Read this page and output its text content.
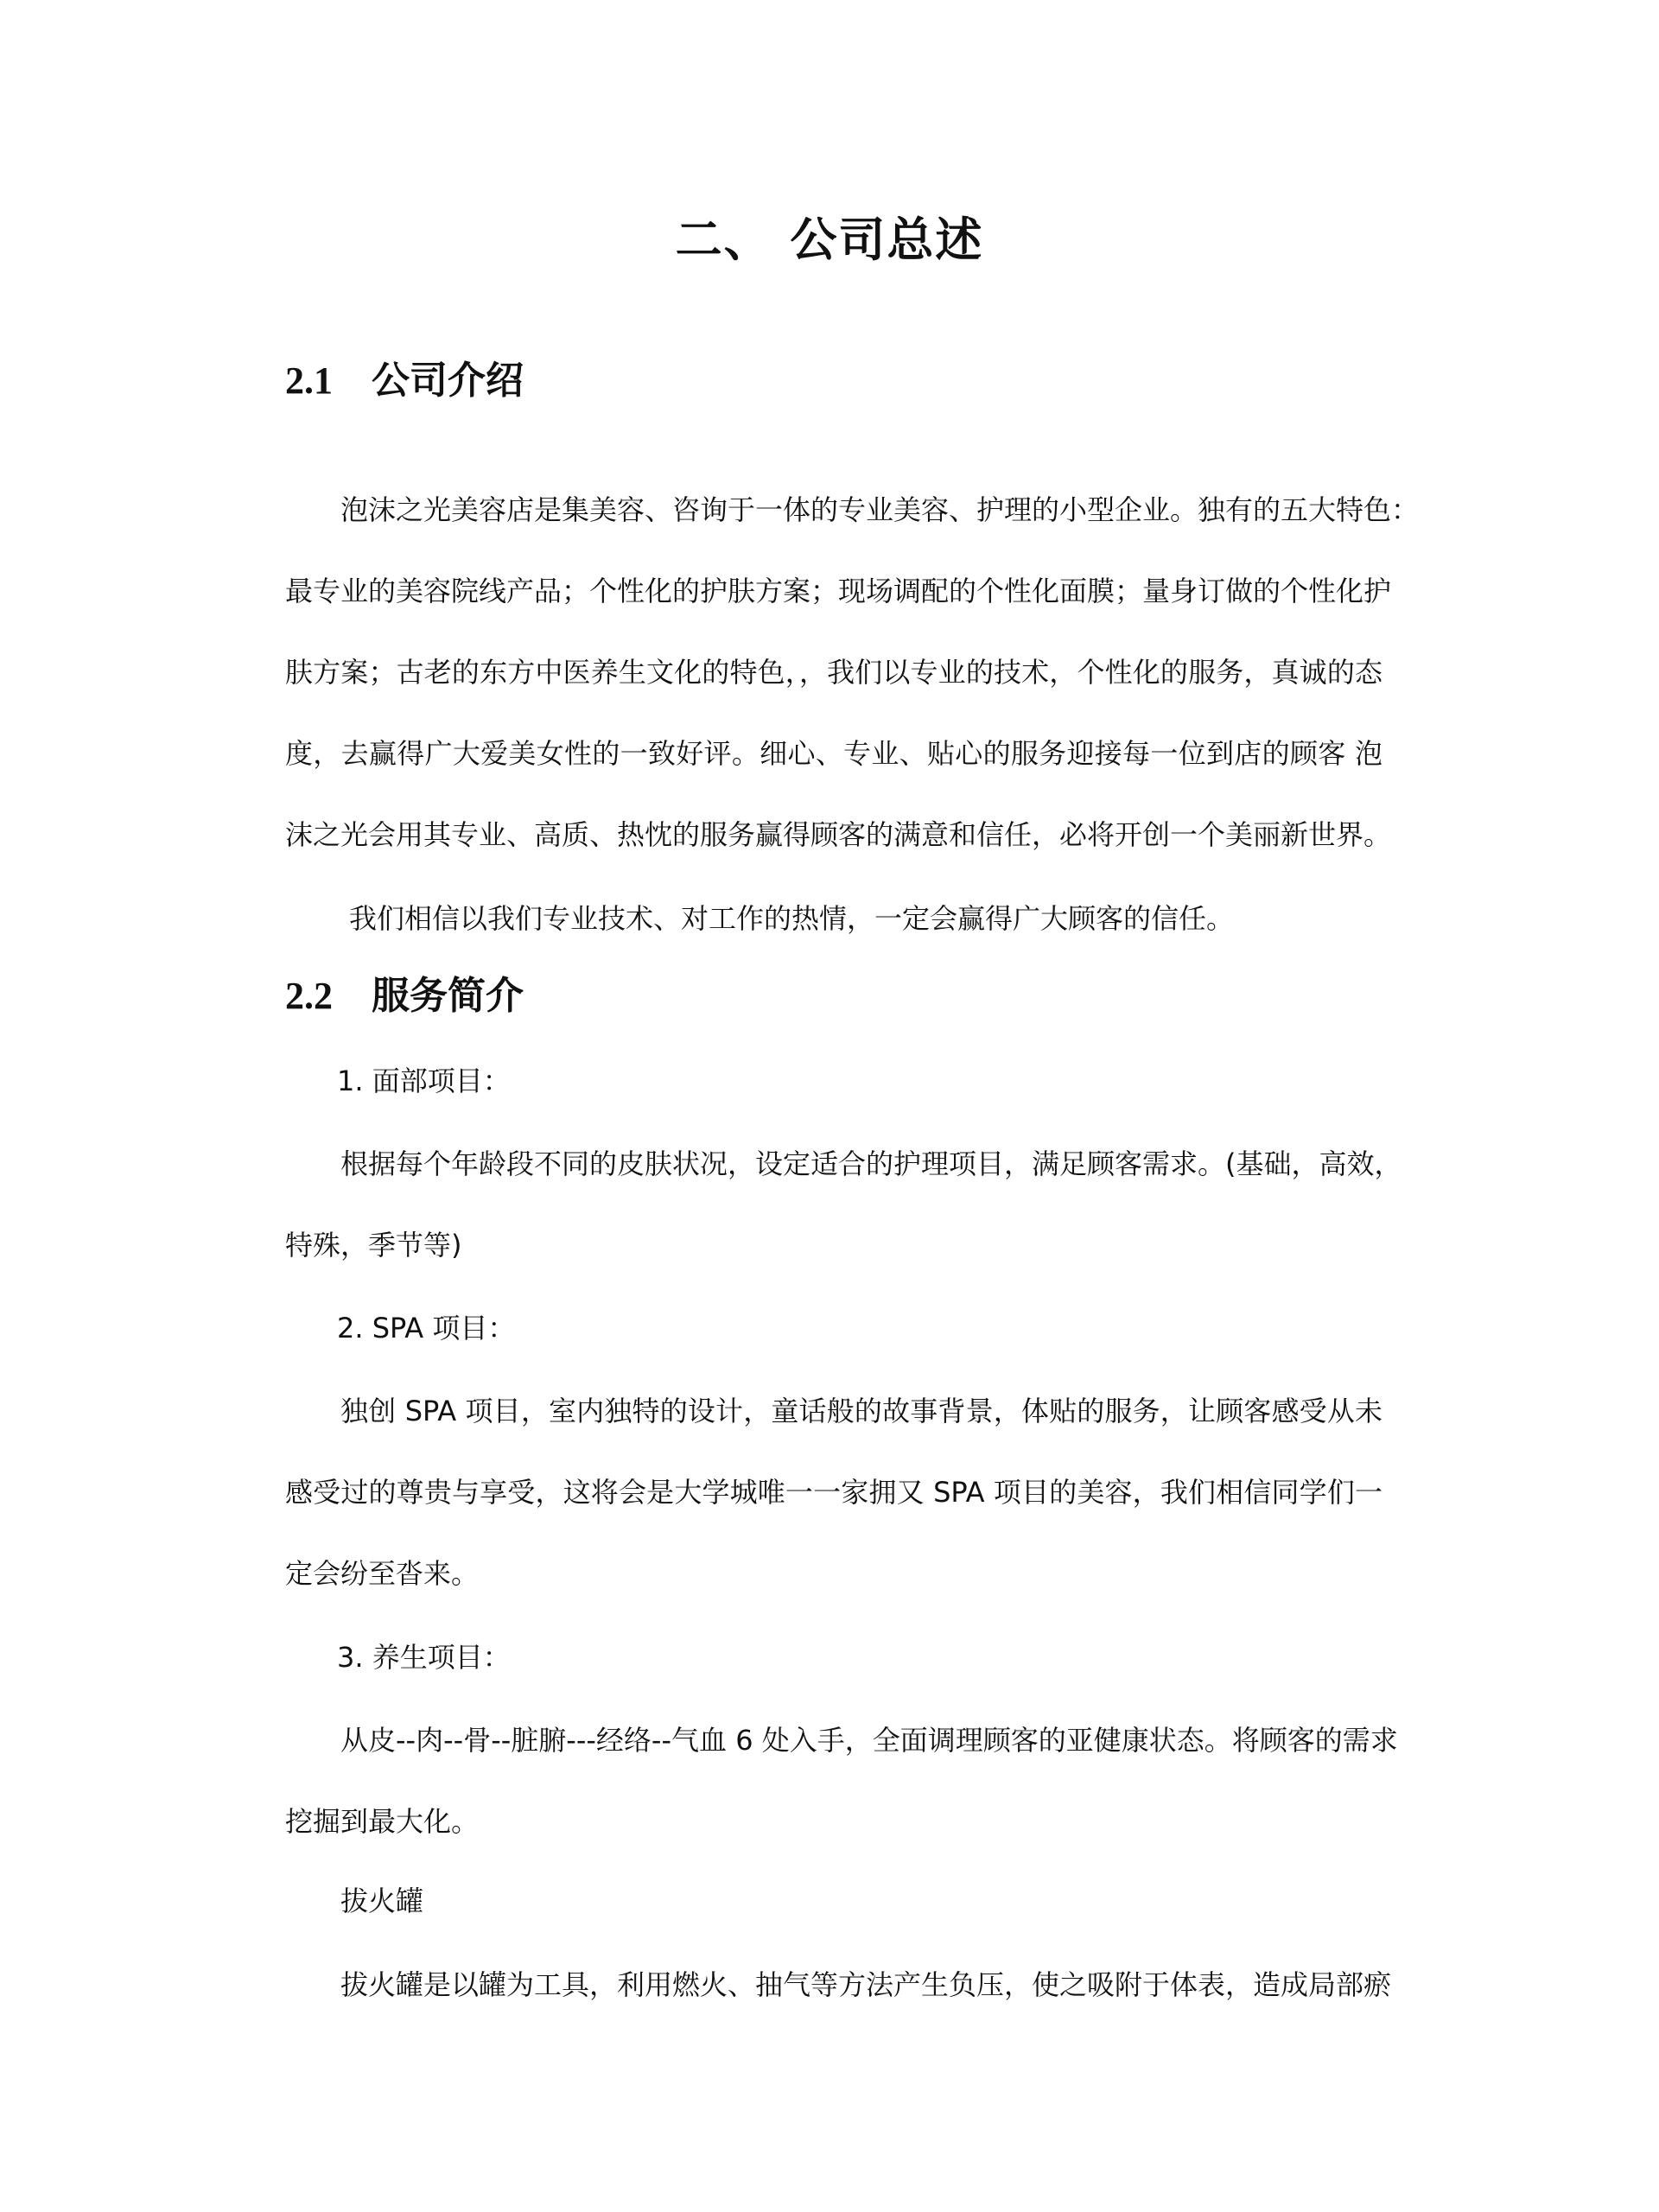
二、 公司总述
2.1 公司介绍
泡沫之光美容店是集美容、咨询于一体的专业美容、护理的小型企业。独有的五大特色：
最专业的美容院线产品；个性化的护肤方案；现场调配的个性化面膜；量身订做的个性化护
肤方案；古老的东方中医养生文化的特色，，我们以专业的技术，个性化的服务，真诚的态
度，去赢得广大爱美女性的一致好评。细心、专业、贴心的服务迎接每一位到店的顾客 泡
沫之光会用其专业、高质、热忱的服务赢得顾客的满意和信任，必将开创一个美丽新世界。
我们相信以我们专业技术、对工作的热情，一定会赢得广大顾客的信任。
2.2 服务简介
1. 面部项目：
根据每个年龄段不同的皮肤状况，设定适合的护理项目，满足顾客需求。(基础，高效，
特殊，季节等)
2. SPA 项目：
独创 SPA 项目，室内独特的设计，童话般的故事背景，体贴的服务，让顾客感受从未
感受过的尊贵与享受，这将会是大学城唯一一家拥又 SPA 项目的美容，我们相信同学们一
定会纷至沓来。
3. 养生项目：
从皮--肉--骨--脏腑---经络--气血 6 处入手，全面调理顾客的亚健康状态。将顾客的需求
挖掘到最大化。
拔火罐
拔火罐是以罐为工具，利用燃火、抽气等方法产生负压，使之吸附于体表，造成局部瘀
